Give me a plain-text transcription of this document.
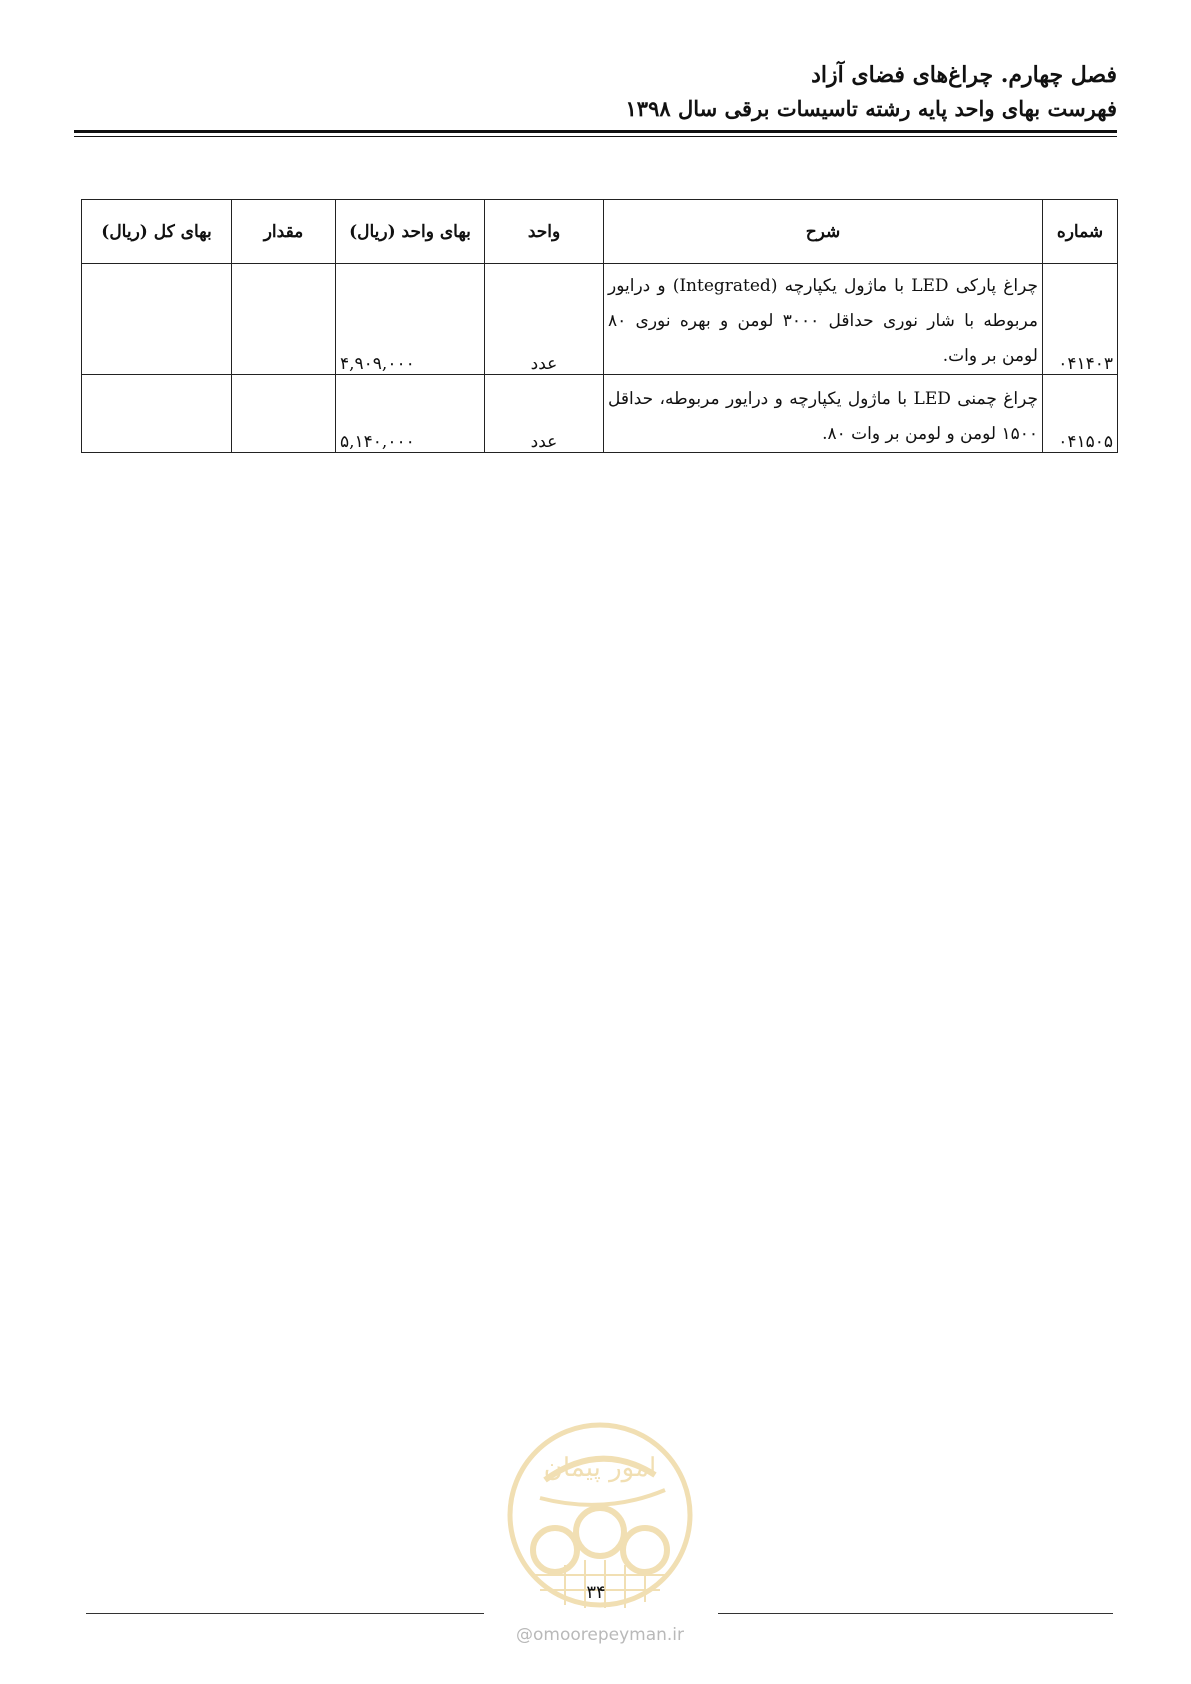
فصل چهارم. چراغ‌های فضای آزاد
فهرست بهای واحد پایه رشته تاسیسات برقی سال ۱۳۹۸
شماره	شرح	واحد	بهای واحد (ریال)	مقدار	بهای کل (ریال)
۰۴۱۴۰۳	چراغ پارکی LED با ماژول یکپارچه (Integrated) و درایور مربوطه با شار نوری حداقل ۳۰۰۰ لومن و بهره نوری ۸۰ لومن بر وات.	عدد	۴,۹۰۹,۰۰۰		
۰۴۱۵۰۵	چراغ چمنی LED با ماژول یکپارچه و درایور مربوطه، حداقل ۱۵۰۰ لومن و لومن بر وات ۸۰.	عدد	۵,۱۴۰,۰۰۰		
امور پیمان
۳۴
@omoorepeyman.ir
